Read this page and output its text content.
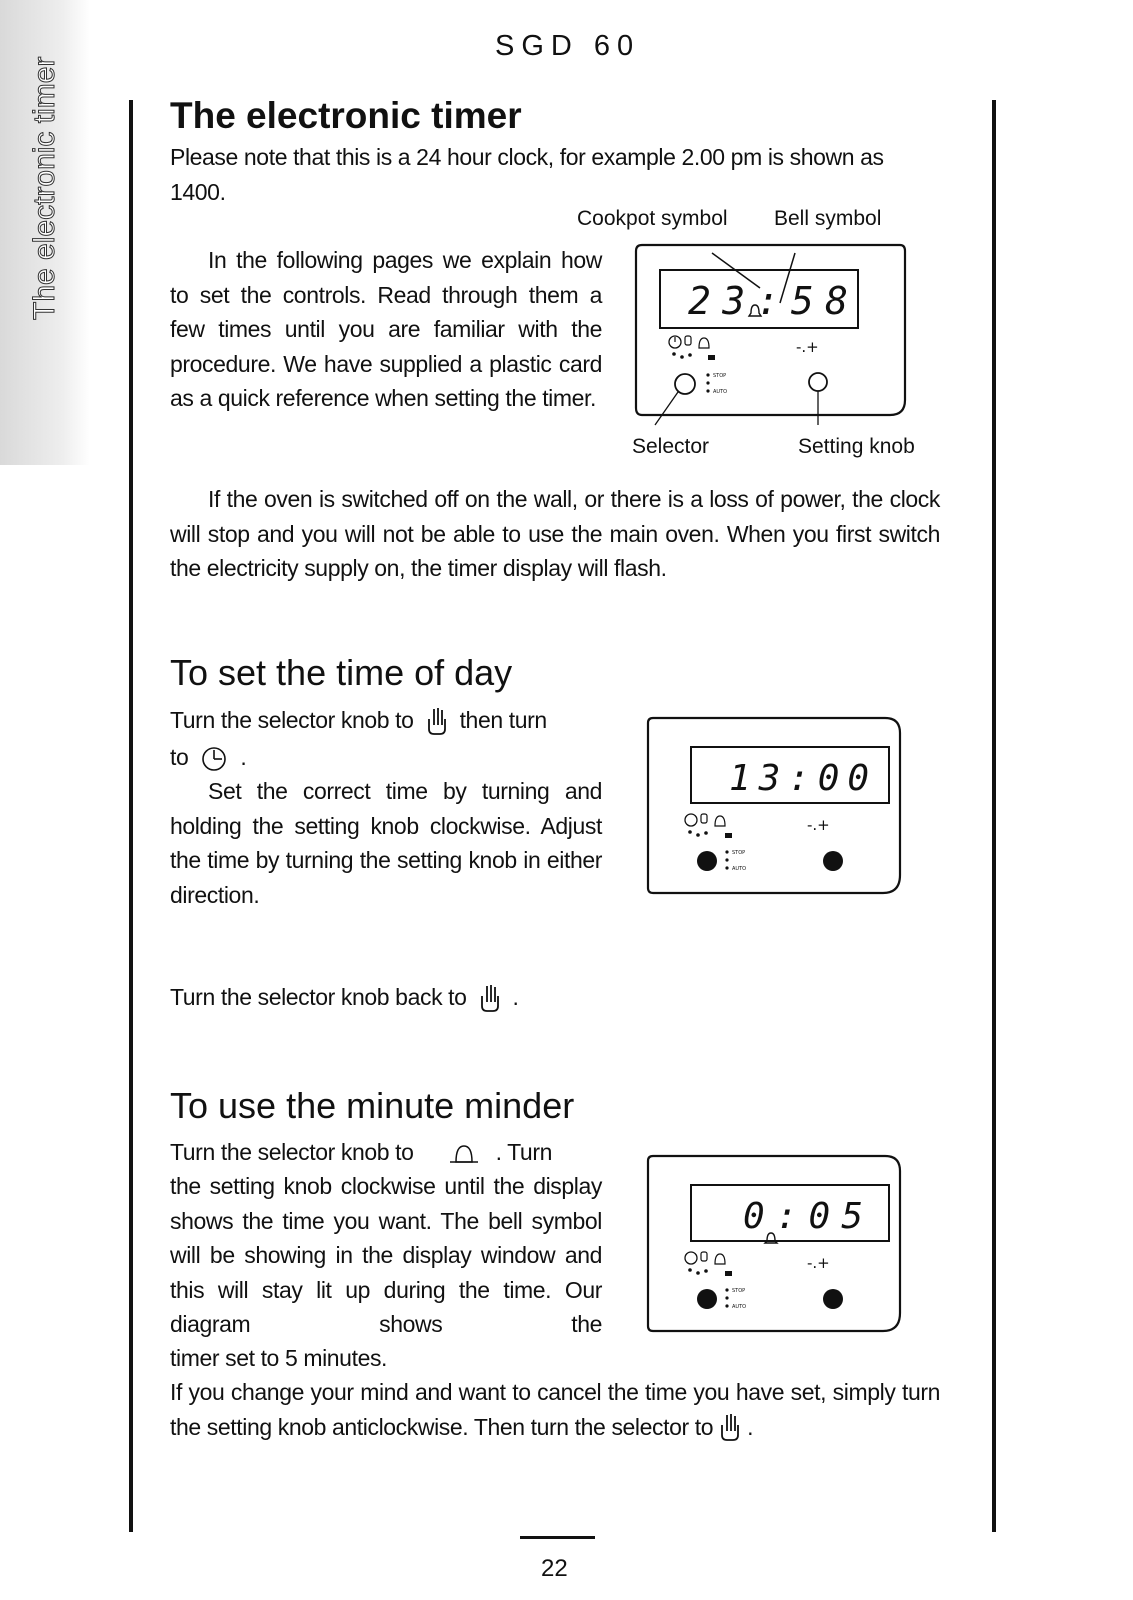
The electronic timer
SGD 60
The electronic timer

Please note that this is a 24 hour clock, for example 2.00 pm is shown as 1400.

Cookpot symbol Bell symbol
Selector	Setting knob

In the following pages we explain how to set the controls. Read through them a few times until you are familiar with the procedure. We have supplied a plastic card as a quick reference when setting the timer.

23:58
-.+
STOP
AUTO

If the oven is switched off on the wall, or there is a loss of power, the clock will stop and you will not be able to use the main oven. When you first switch the electricity supply on, the timer display will flash.

To set the time of day
Turn the selector knob to then turn
to .

Set the correct time by turning and holding the setting knob clockwise. Adjust the time by turning the setting knob in either direction.

13:00
-.+
STOP
AUTO
Turn the selector knob back to .
To use the minute minder
Turn the selector knob to	. Turn

the setting knob clockwise until the display shows the time you want. The bell symbol will be showing in the display window and this will stay lit up during the time. Our diagram shows the

timer set to 5 minutes.
0:05
-.+
STOP
AUTO
If you change your mind and want to cancel the time you have set, simply turn the setting knob anticlockwise. Then turn the selector to .
22
